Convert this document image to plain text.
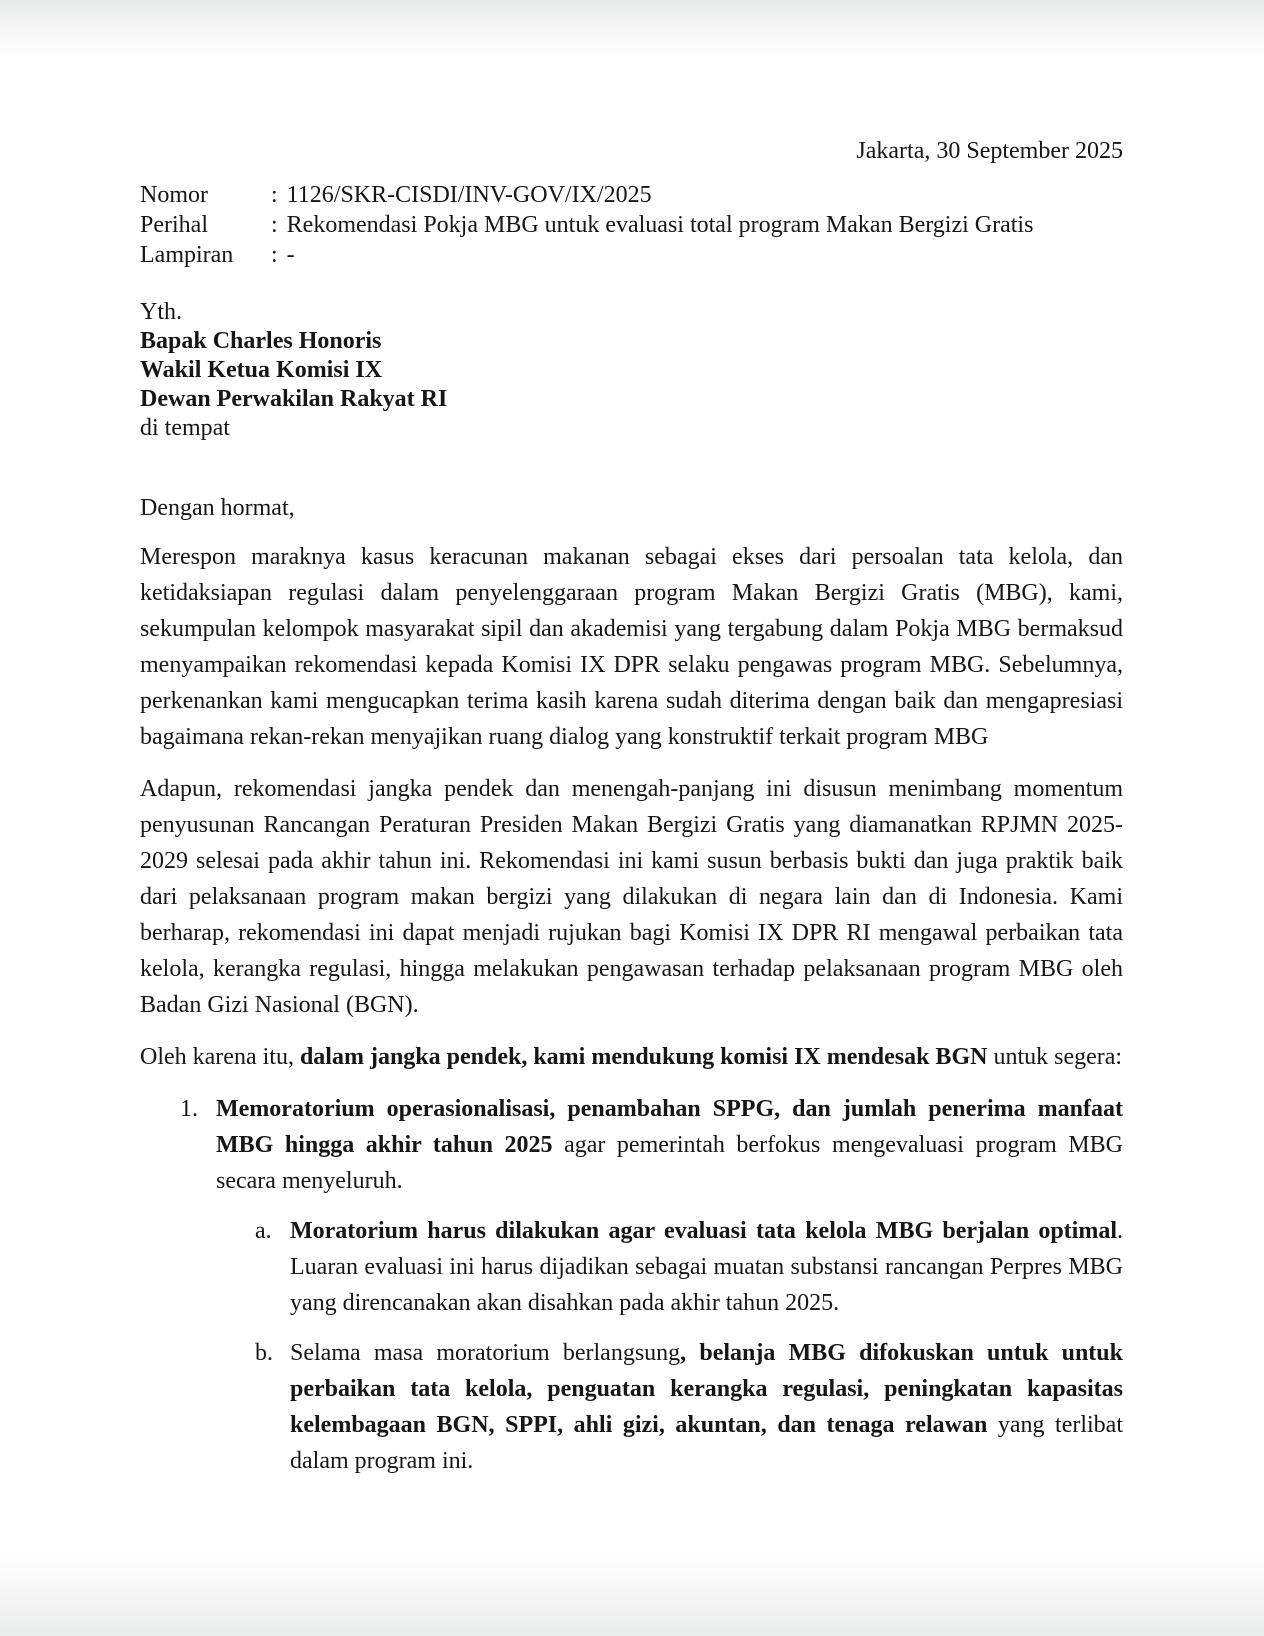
Jakarta, 30 September 2025
Nomor	: 1126/SKR-CISDI/INV-GOV/IX/2025
Perihal	: Rekomendasi Pokja MBG untuk evaluasi total program Makan Bergizi Gratis
Lampiran	: -
Yth.
Bapak Charles Honoris
Wakil Ketua Komisi IX
Dewan Perwakilan Rakyat RI
di tempat
Dengan hormat,

Merespon maraknya kasus keracunan makanan sebagai ekses dari persoalan tata kelola, dan ketidaksiapan regulasi dalam penyelenggaraan program Makan Bergizi Gratis (MBG), kami, sekumpulan kelompok masyarakat sipil dan akademisi yang tergabung dalam Pokja MBG bermaksud menyampaikan rekomendasi kepada Komisi IX DPR selaku pengawas program MBG. Sebelumnya, perkenankan kami mengucapkan terima kasih karena sudah diterima dengan baik dan mengapresiasi bagaimana rekan-rekan menyajikan ruang dialog yang konstruktif terkait program MBG

Adapun, rekomendasi jangka pendek dan menengah-panjang ini disusun menimbang momentum penyusunan Rancangan Peraturan Presiden Makan Bergizi Gratis yang diamanatkan RPJMN 2025-2029 selesai pada akhir tahun ini. Rekomendasi ini kami susun berbasis bukti dan juga praktik baik dari pelaksanaan program makan bergizi yang dilakukan di negara lain dan di Indonesia. Kami berharap, rekomendasi ini dapat menjadi rujukan bagi Komisi IX DPR RI mengawal perbaikan tata kelola, kerangka regulasi, hingga melakukan pengawasan terhadap pelaksanaan program MBG oleh Badan Gizi Nasional (BGN).

Oleh karena itu, dalam jangka pendek, kami mendukung komisi IX mendesak BGN untuk segera:

1. Memoratorium operasionalisasi, penambahan SPPG, dan jumlah penerima manfaat MBG hingga akhir tahun 2025 agar pemerintah berfokus mengevaluasi program MBG secara menyeluruh.
a. Moratorium harus dilakukan agar evaluasi tata kelola MBG berjalan optimal. Luaran evaluasi ini harus dijadikan sebagai muatan substansi rancangan Perpres MBG yang direncanakan akan disahkan pada akhir tahun 2025.
b. Selama masa moratorium berlangsung, belanja MBG difokuskan untuk untuk perbaikan tata kelola, penguatan kerangka regulasi, peningkatan kapasitas kelembagaan BGN, SPPI, ahli gizi, akuntan, dan tenaga relawan yang terlibat dalam program ini.
